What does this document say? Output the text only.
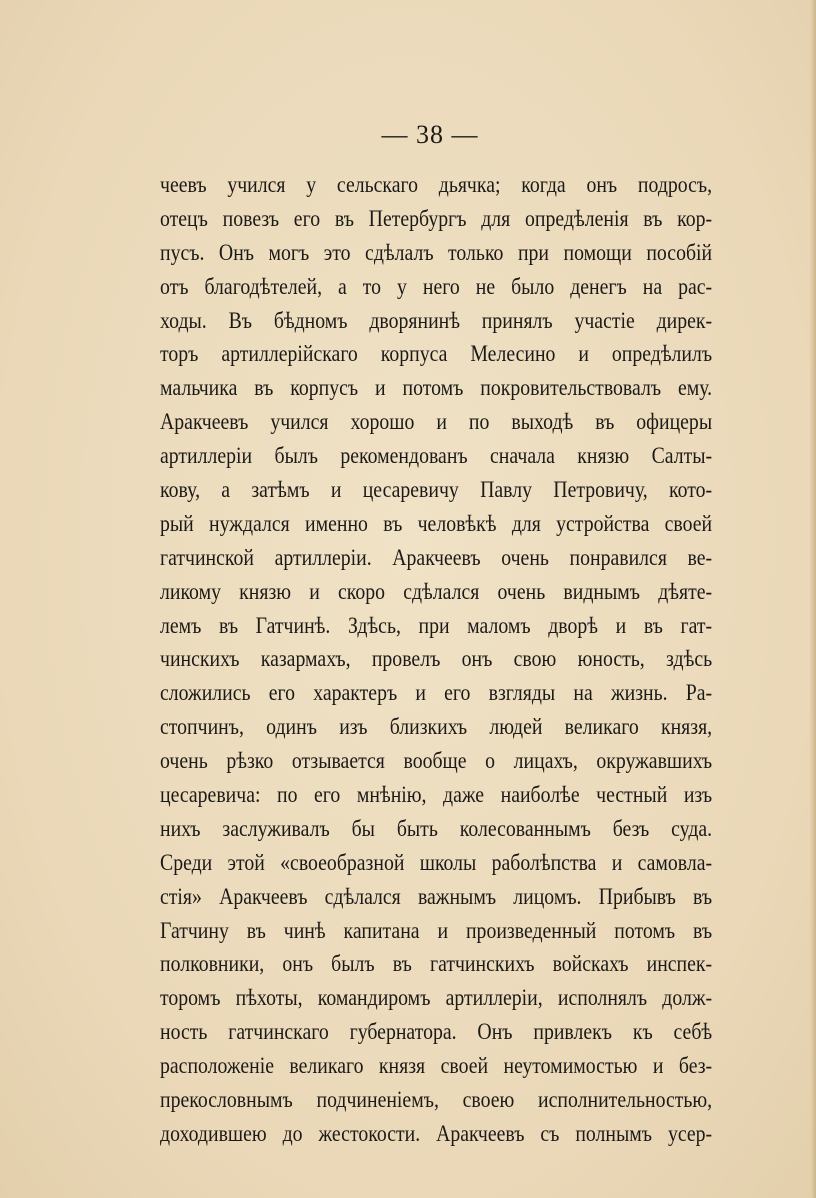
— 38 —
чеевъ учился у сельскаго дьячка; когда онъ подросъ,
отецъ повезъ его въ Петербургъ для опредѣленія въ кор-
пусъ. Онъ могъ это сдѣлалъ только при помощи пособій
отъ благодѣтелей, а то у него не было денегъ на рас-
ходы. Въ бѣдномъ дворянинѣ принялъ участіе дирек-
торъ артиллерійскаго корпуса Мелесино и опредѣлилъ
мальчика въ корпусъ и потомъ покровительствовалъ ему.
Аракчеевъ учился хорошо и по выходѣ въ офицеры
артиллеріи былъ рекомендованъ сначала князю Салты-
кову, а затѣмъ и цесаревичу Павлу Петровичу, кото-
рый нуждался именно въ человѣкѣ для устройства своей
гатчинской артиллеріи. Аракчеевъ очень понравился ве-
ликому князю и скоро сдѣлался очень виднымъ дѣяте-
лемъ въ Гатчинѣ. Здѣсь, при маломъ дворѣ и въ гат-
чинскихъ казармахъ, провелъ онъ свою юность, здѣсь
сложились его характеръ и его взгляды на жизнь. Ра-
стопчинъ, одинъ изъ близкихъ людей великаго князя,
очень рѣзко отзывается вообще о лицахъ, окружавшихъ
цесаревича: по его мнѣнію, даже наиболѣе честный изъ
нихъ заслуживалъ бы быть колесованнымъ безъ суда.
Среди этой «своеобразной школы раболѣпства и самовла-
стія» Аракчеевъ сдѣлался важнымъ лицомъ. Прибывъ въ
Гатчину въ чинѣ капитана и произведенный потомъ въ
полковники, онъ былъ въ гатчинскихъ войскахъ инспек-
торомъ пѣхоты, командиромъ артиллеріи, исполнялъ долж-
ность гатчинскаго губернатора. Онъ привлекъ къ себѣ
расположеніе великаго князя своей неутомимостью и без-
прекословнымъ подчиненіемъ, своею исполнительностью,
доходившею до жестокости. Аракчеевъ съ полнымъ усер-
